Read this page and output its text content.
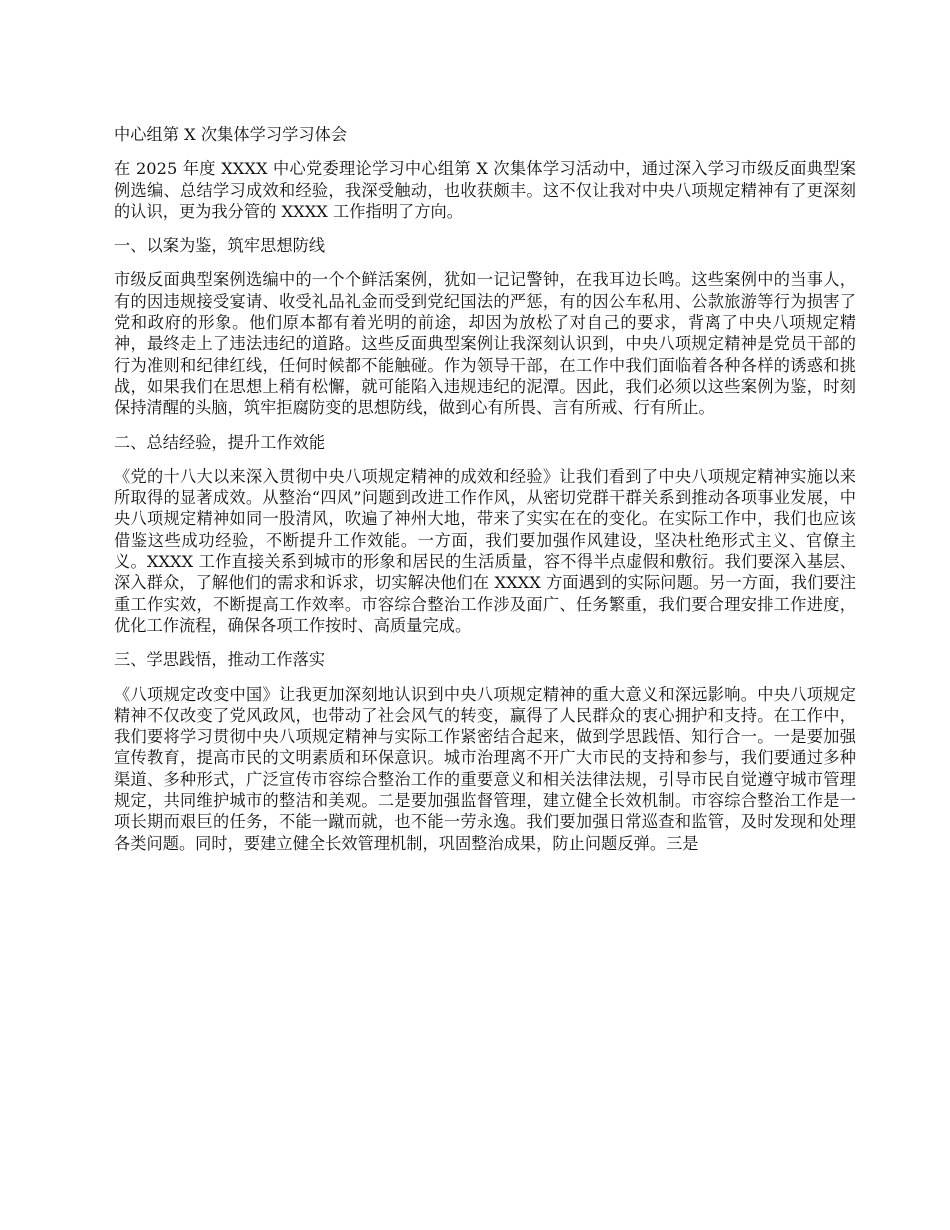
中心组第 X 次集体学习学习体会

在 2025 年度 XXXX 中心党委理论学习中心组第 X 次集体学习活动中，通过深入学习市级反面典型案例选编、总结学习成效和经验，我深受触动，也收获颇丰。这不仅让我对中央八项规定精神有了更深刻的认识，更为我分管的 XXXX 工作指明了方向。

一、以案为鉴，筑牢思想防线

市级反面典型案例选编中的一个个鲜活案例，犹如一记记警钟，在我耳边长鸣。这些案例中的当事人，有的因违规接受宴请、收受礼品礼金而受到党纪国法的严惩，有的因公车私用、公款旅游等行为损害了党和政府的形象。他们原本都有着光明的前途，却因为放松了对自己的要求，背离了中央八项规定精神，最终走上了违法违纪的道路。这些反面典型案例让我深刻认识到，中央八项规定精神是党员干部的行为准则和纪律红线，任何时候都不能触碰。作为领导干部，在工作中我们面临着各种各样的诱惑和挑战，如果我们在思想上稍有松懈，就可能陷入违规违纪的泥潭。因此，我们必须以这些案例为鉴，时刻保持清醒的头脑，筑牢拒腐防变的思想防线，做到心有所畏、言有所戒、行有所止。

二、总结经验，提升工作效能

《党的十八大以来深入贯彻中央八项规定精神的成效和经验》让我们看到了中央八项规定精神实施以来所取得的显著成效。从整治“四风”问题到改进工作作风，从密切党群干群关系到推动各项事业发展，中央八项规定精神如同一股清风，吹遍了神州大地，带来了实实在在的变化。在实际工作中，我们也应该借鉴这些成功经验，不断提升工作效能。一方面，我们要加强作风建设，坚决杜绝形式主义、官僚主义。XXXX 工作直接关系到城市的形象和居民的生活质量，容不得半点虚假和敷衍。我们要深入基层、深入群众，了解他们的需求和诉求，切实解决他们在 XXXX 方面遇到的实际问题。另一方面，我们要注重工作实效，不断提高工作效率。市容综合整治工作涉及面广、任务繁重，我们要合理安排工作进度，优化工作流程，确保各项工作按时、高质量完成。

三、学思践悟，推动工作落实

《八项规定改变中国》让我更加深刻地认识到中央八项规定精神的重大意义和深远影响。中央八项规定精神不仅改变了党风政风，也带动了社会风气的转变，赢得了人民群众的衷心拥护和支持。在工作中，我们要将学习贯彻中央八项规定精神与实际工作紧密结合起来，做到学思践悟、知行合一。一是要加强宣传教育，提高市民的文明素质和环保意识。城市治理离不开广大市民的支持和参与，我们要通过多种渠道、多种形式，广泛宣传市容综合整治工作的重要意义和相关法律法规，引导市民自觉遵守城市管理规定，共同维护城市的整洁和美观。二是要加强监督管理，建立健全长效机制。市容综合整治工作是一项长期而艰巨的任务，不能一蹴而就，也不能一劳永逸。我们要加强日常巡查和监管，及时发现和处理各类问题。同时，要建立健全长效管理机制，巩固整治成果，防止问题反弹。三是
